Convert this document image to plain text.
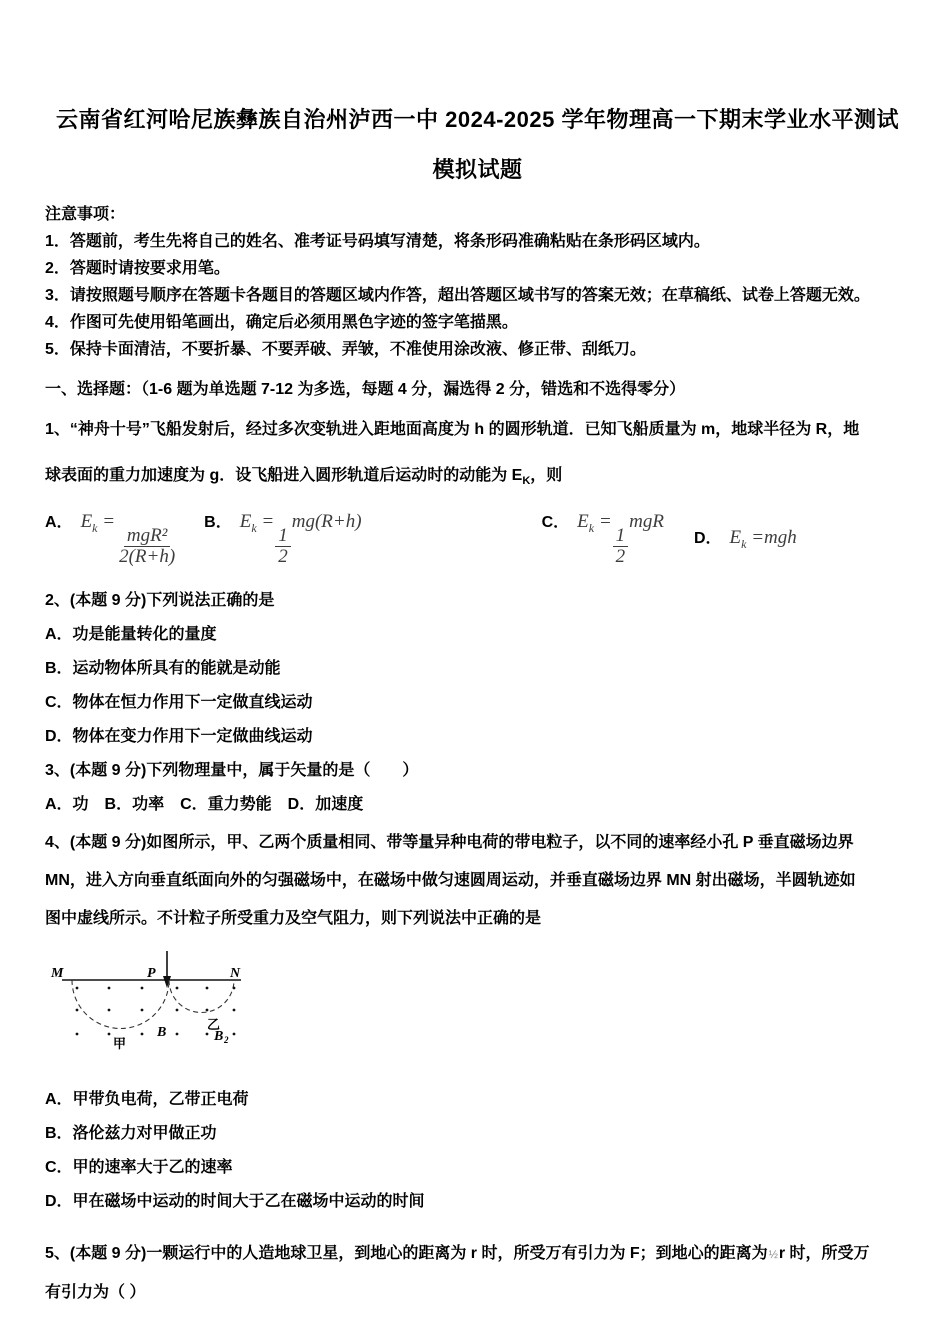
云南省红河哈尼族彝族自治州泸西一中 2024-2025 学年物理高一下期末学业水平测试
模拟试题
注意事项：
1．答题前，考生先将自己的姓名、准考证号码填写清楚，将条形码准确粘贴在条形码区域内。
2．答题时请按要求用笔。
3．请按照题号顺序在答题卡各题目的答题区域内作答，超出答题区域书写的答案无效；在草稿纸、试卷上答题无效。
4．作图可先使用铅笔画出，确定后必须用黑色字迹的签字笔描黑。
5．保持卡面清洁，不要折暴、不要弄破、弄皱，不准使用涂改液、修正带、刮纸刀。
一、选择题：（1-6 题为单选题 7-12 为多选，每题 4 分，漏选得 2 分，错选和不选得零分）
1、“神舟十号”飞船发射后，经过多次变轨进入距地面高度为 h 的圆形轨道．已知飞船质量为 m，地球半径为 R，地
球表面的重力加速度为 g．设飞船进入圆形轨道后运动时的动能为 $E_K$，则
A． $E_k$ =
$\frac{\text{mgR²}}{2(R+h)}$
B． $E_k$ =
$\frac{1}{2}$
mg(R+h)	C． $E_k$ =
$\frac{1}{2}$
mgR
D． $E_k =mgh$
2、(本题 9 分)下列说法正确的是
A．功是能量转化的量度
B．运动物体所具有的能就是动能
C．物体在恒力作用下一定做直线运动
D．物体在变力作用下一定做曲线运动
3、(本题 9 分)下列物理量中，属于矢量的是（　　）
A．功　B．功率　C．重力势能　D．加速度
4、(本题 9 分)如图所示，甲、乙两个质量相同、带等量异种电荷的带电粒子，以不同的速率经小孔 P 垂直磁场边界
MN，进入方向垂直纸面向外的匀强磁场中，在磁场中做匀速圆周运动，并垂直磁场边界 MN 射出磁场，半圆轨迹如
图中虚线所示。不计粒子所受重力及空气阻力，则下列说法中正确的是
M	P	N
甲
B
乙
B 2
A．甲带负电荷，乙带正电荷
B．洛伦兹力对甲做正功
C．甲的速率大于乙的速率
D．甲在磁场中运动的时间大于乙在磁场中运动的时间
5、(本题 9 分)一颗运行中的人造地球卫星，到地心的距离为 r 时，所受万有引力为 F；到地心的距离为½r 时，所受万
有引力为（ ）
